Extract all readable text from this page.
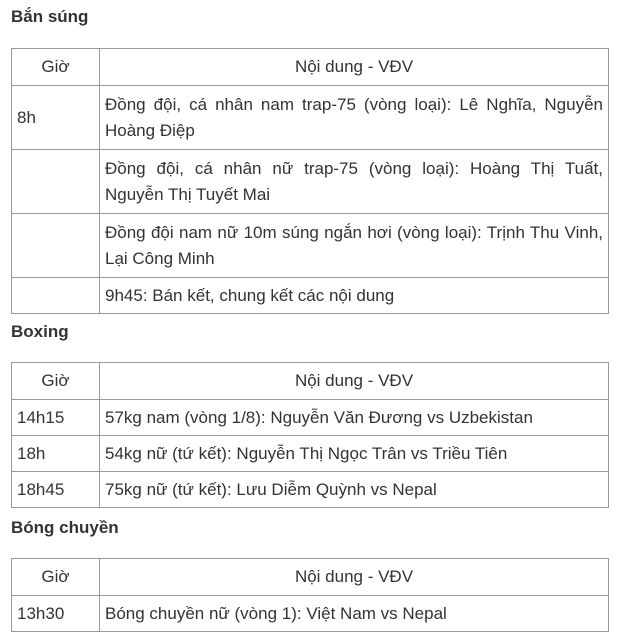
Bắn súng
Giờ	Nội dung - VĐV
8h	Đồng đội, cá nhân nam trap-75 (vòng loại): Lê Nghĩa, Nguyễn Hoàng Điệp
	Đồng đội, cá nhân nữ trap-75 (vòng loại): Hoàng Thị Tuất, Nguyễn Thị Tuyết Mai
	Đồng đội nam nữ 10m súng ngắn hơi (vòng loại): Trịnh Thu Vinh, Lại Công Minh
	9h45: Bán kết, chung kết các nội dung
Boxing
Giờ	Nội dung - VĐV
14h15	57kg nam (vòng 1/8): Nguyễn Văn Đương vs Uzbekistan
18h	54kg nữ (tứ kết): Nguyễn Thị Ngọc Trân vs Triều Tiên
18h45	75kg nữ (tứ kết): Lưu Diễm Quỳnh vs Nepal
Bóng chuyền
Giờ	Nội dung - VĐV
13h30	Bóng chuyền nữ (vòng 1): Việt Nam vs Nepal
